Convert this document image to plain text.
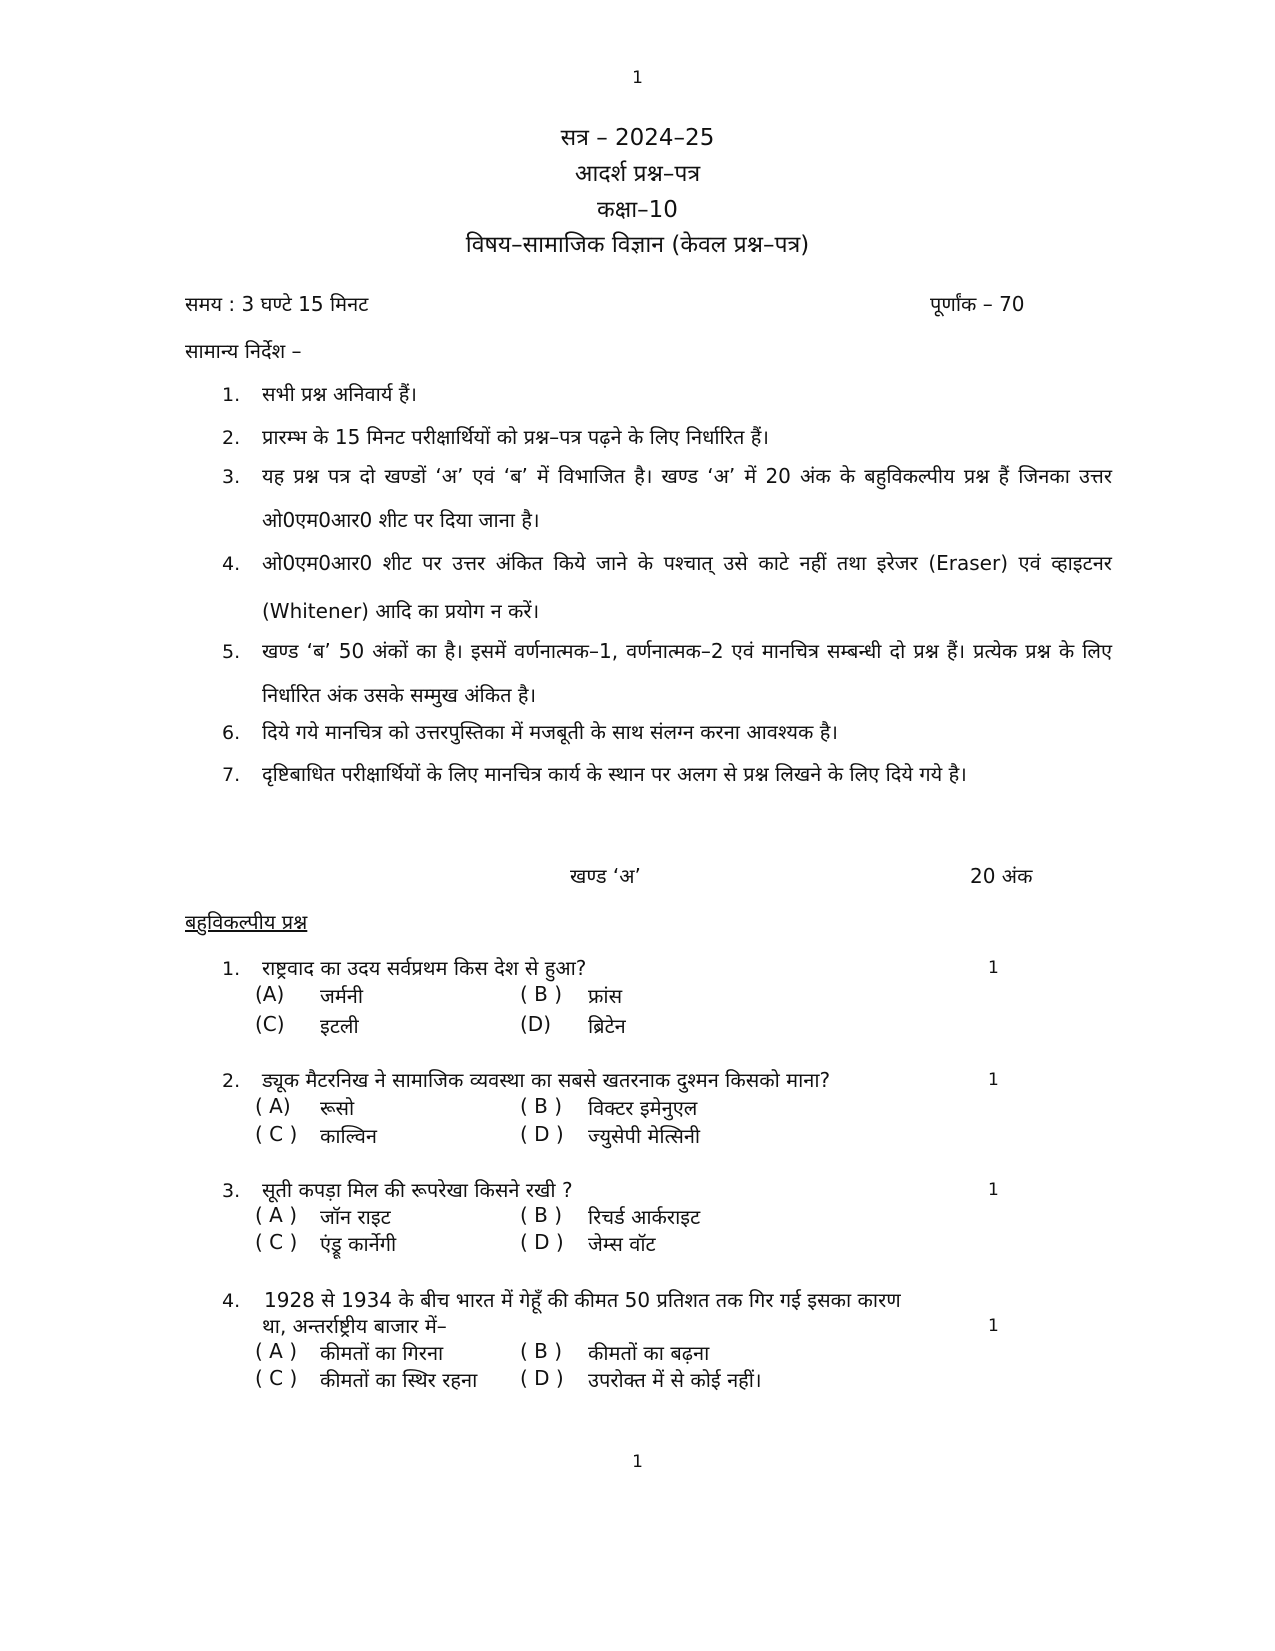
1
सत्र – 2024–25
आदर्श प्रश्न–पत्र
कक्षा–10
विषय–सामाजिक विज्ञान (केवल प्रश्न–पत्र)
समय : 3 घण्टे 15 मिनट	पूर्णांक – 70
सामान्य निर्देश –
1. सभी प्रश्न अनिवार्य हैं।
2. प्रारम्भ के 15 मिनट परीक्षार्थियों को प्रश्न–पत्र पढ़ने के लिए निर्धारित हैं।
3. यह प्रश्न पत्र दो खण्डों ‘अ’ एवं ‘ब’ में विभाजित है। खण्ड ‘अ’ में 20 अंक के बहुविकल्पीय प्रश्न हैं जिनका उत्तर ओ0एम0आर0 शीट पर दिया जाना है।
4. ओ0एम0आर0 शीट पर उत्तर अंकित किये जाने के पश्चात् उसे काटे नहीं तथा इरेजर (Eraser) एवं व्हाइटनर (Whitener) आदि का प्रयोग न करें।
5. खण्ड ‘ब’ 50 अंकों का है। इसमें वर्णनात्मक–1, वर्णनात्मक–2 एवं मानचित्र सम्बन्धी दो प्रश्न हैं। प्रत्येक प्रश्न के लिए निर्धारित अंक उसके सम्मुख अंकित है।
6. दिये गये मानचित्र को उत्तरपुस्तिका में मजबूती के साथ संलग्न करना आवश्यक है।
7. दृष्टिबाधित परीक्षार्थियों के लिए मानचित्र कार्य के स्थान पर अलग से प्रश्न लिखने के लिए दिये गये है।
खण्ड ‘अ’	20 अंक
बहुविकल्पीय प्रश्न
1. राष्ट्रवाद का उदय सर्वप्रथम किस देश से हुआ?	1
(A) जर्मनी	( B ) फ्रांस
(C) इटली	(D) ब्रिटेन
2. ड्यूक मैटरनिख ने सामाजिक व्यवस्था का सबसे खतरनाक दुश्मन किसको माना?	1
( A) रूसो	( B ) विक्टर इमेनुएल
( C ) काल्विन	( D ) ज्युसेपी मेत्सिनी
3. सूती कपड़ा मिल की रूपरेखा किसने रखी ?	1
( A ) जॉन राइट	( B ) रिचर्ड आर्कराइट
( C ) एंड्रू कार्नेगी	( D ) जेम्स वॉट
4. 1928 से 1934 के बीच भारत में गेहूँ की कीमत 50 प्रतिशत तक गिर गई इसका कारण
था, अन्तर्राष्ट्रीय बाजार में–	1
( A ) कीमतों का गिरना	( B ) कीमतों का बढ़ना
( C ) कीमतों का स्थिर रहना ( D ) उपरोक्त में से कोई नहीं।
1
